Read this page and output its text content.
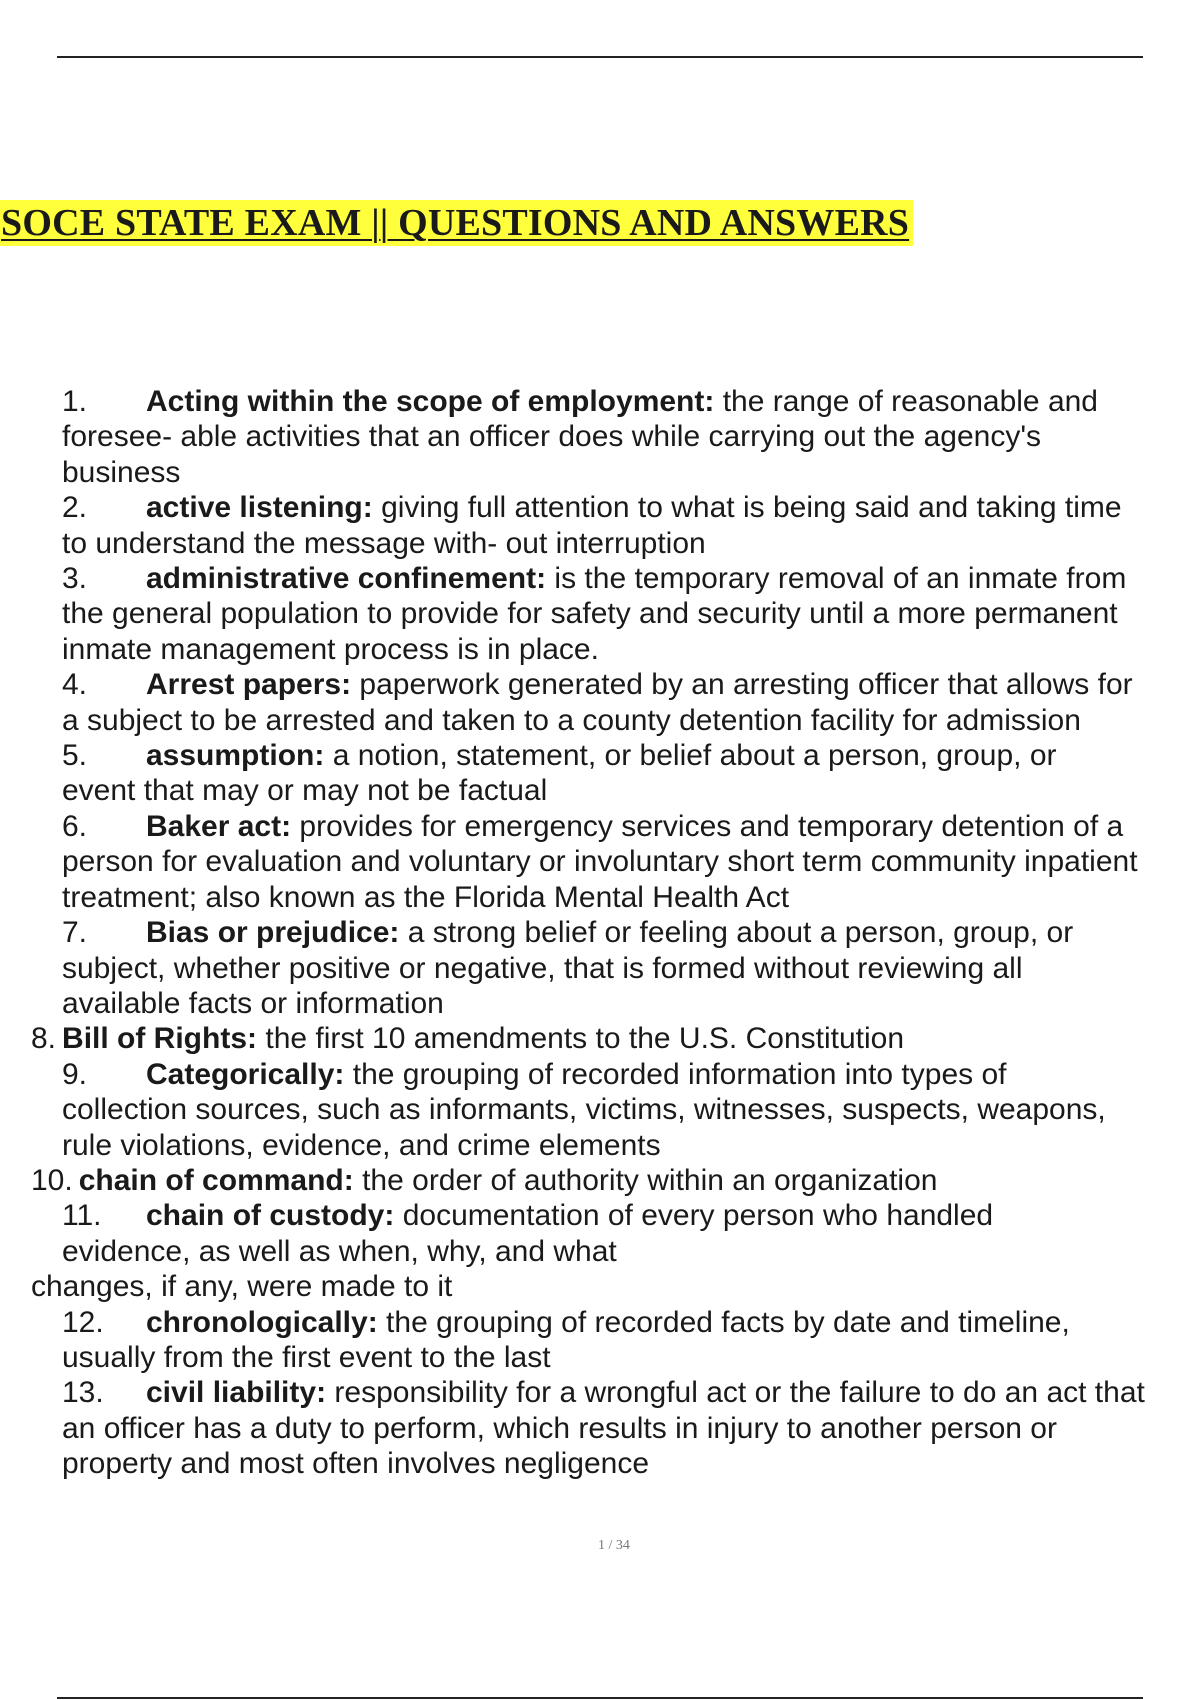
SOCE STATE EXAM || QUESTIONS AND ANSWERS
1. Acting within the scope of employment: the range of reasonable and foresee- able activities that an officer does while carrying out the agency's business
2. active listening: giving full attention to what is being said and taking time to understand the message with- out interruption
3. administrative confinement: is the temporary removal of an inmate from the general population to provide for safety and security until a more permanent inmate management process is in place.
4. Arrest papers: paperwork generated by an arresting officer that allows for a subject to be arrested and taken to a county detention facility for admission
5. assumption: a notion, statement, or belief about a person, group, or event that may or may not be factual
6. Baker act: provides for emergency services and temporary detention of a
person for evaluation and voluntary or involuntary short term community inpatient
treatment; also known as the Florida Mental Health Act
7. Bias or prejudice: a strong belief or feeling about a person, group, or subject, whether positive or negative, that is formed without reviewing all available facts or information
8. Bill of Rights: the first 10 amendments to the U.S. Constitution
9. Categorically: the grouping of recorded information into types of collection sources, such as informants, victims, witnesses, suspects, weapons, rule violations, evidence, and crime elements
10. chain of command: the order of authority within an organization
11. chain of custody: documentation of every person who handled evidence, as well as when, why, and what
changes, if any, were made to it
12. chronologically: the grouping of recorded facts by date and timeline, usually from the first event to the last
13. civil liability: responsibility for a wrongful act or the failure to do an act that an officer has a duty to perform, which results in injury to another person or property and most often involves negligence
1 / 34
